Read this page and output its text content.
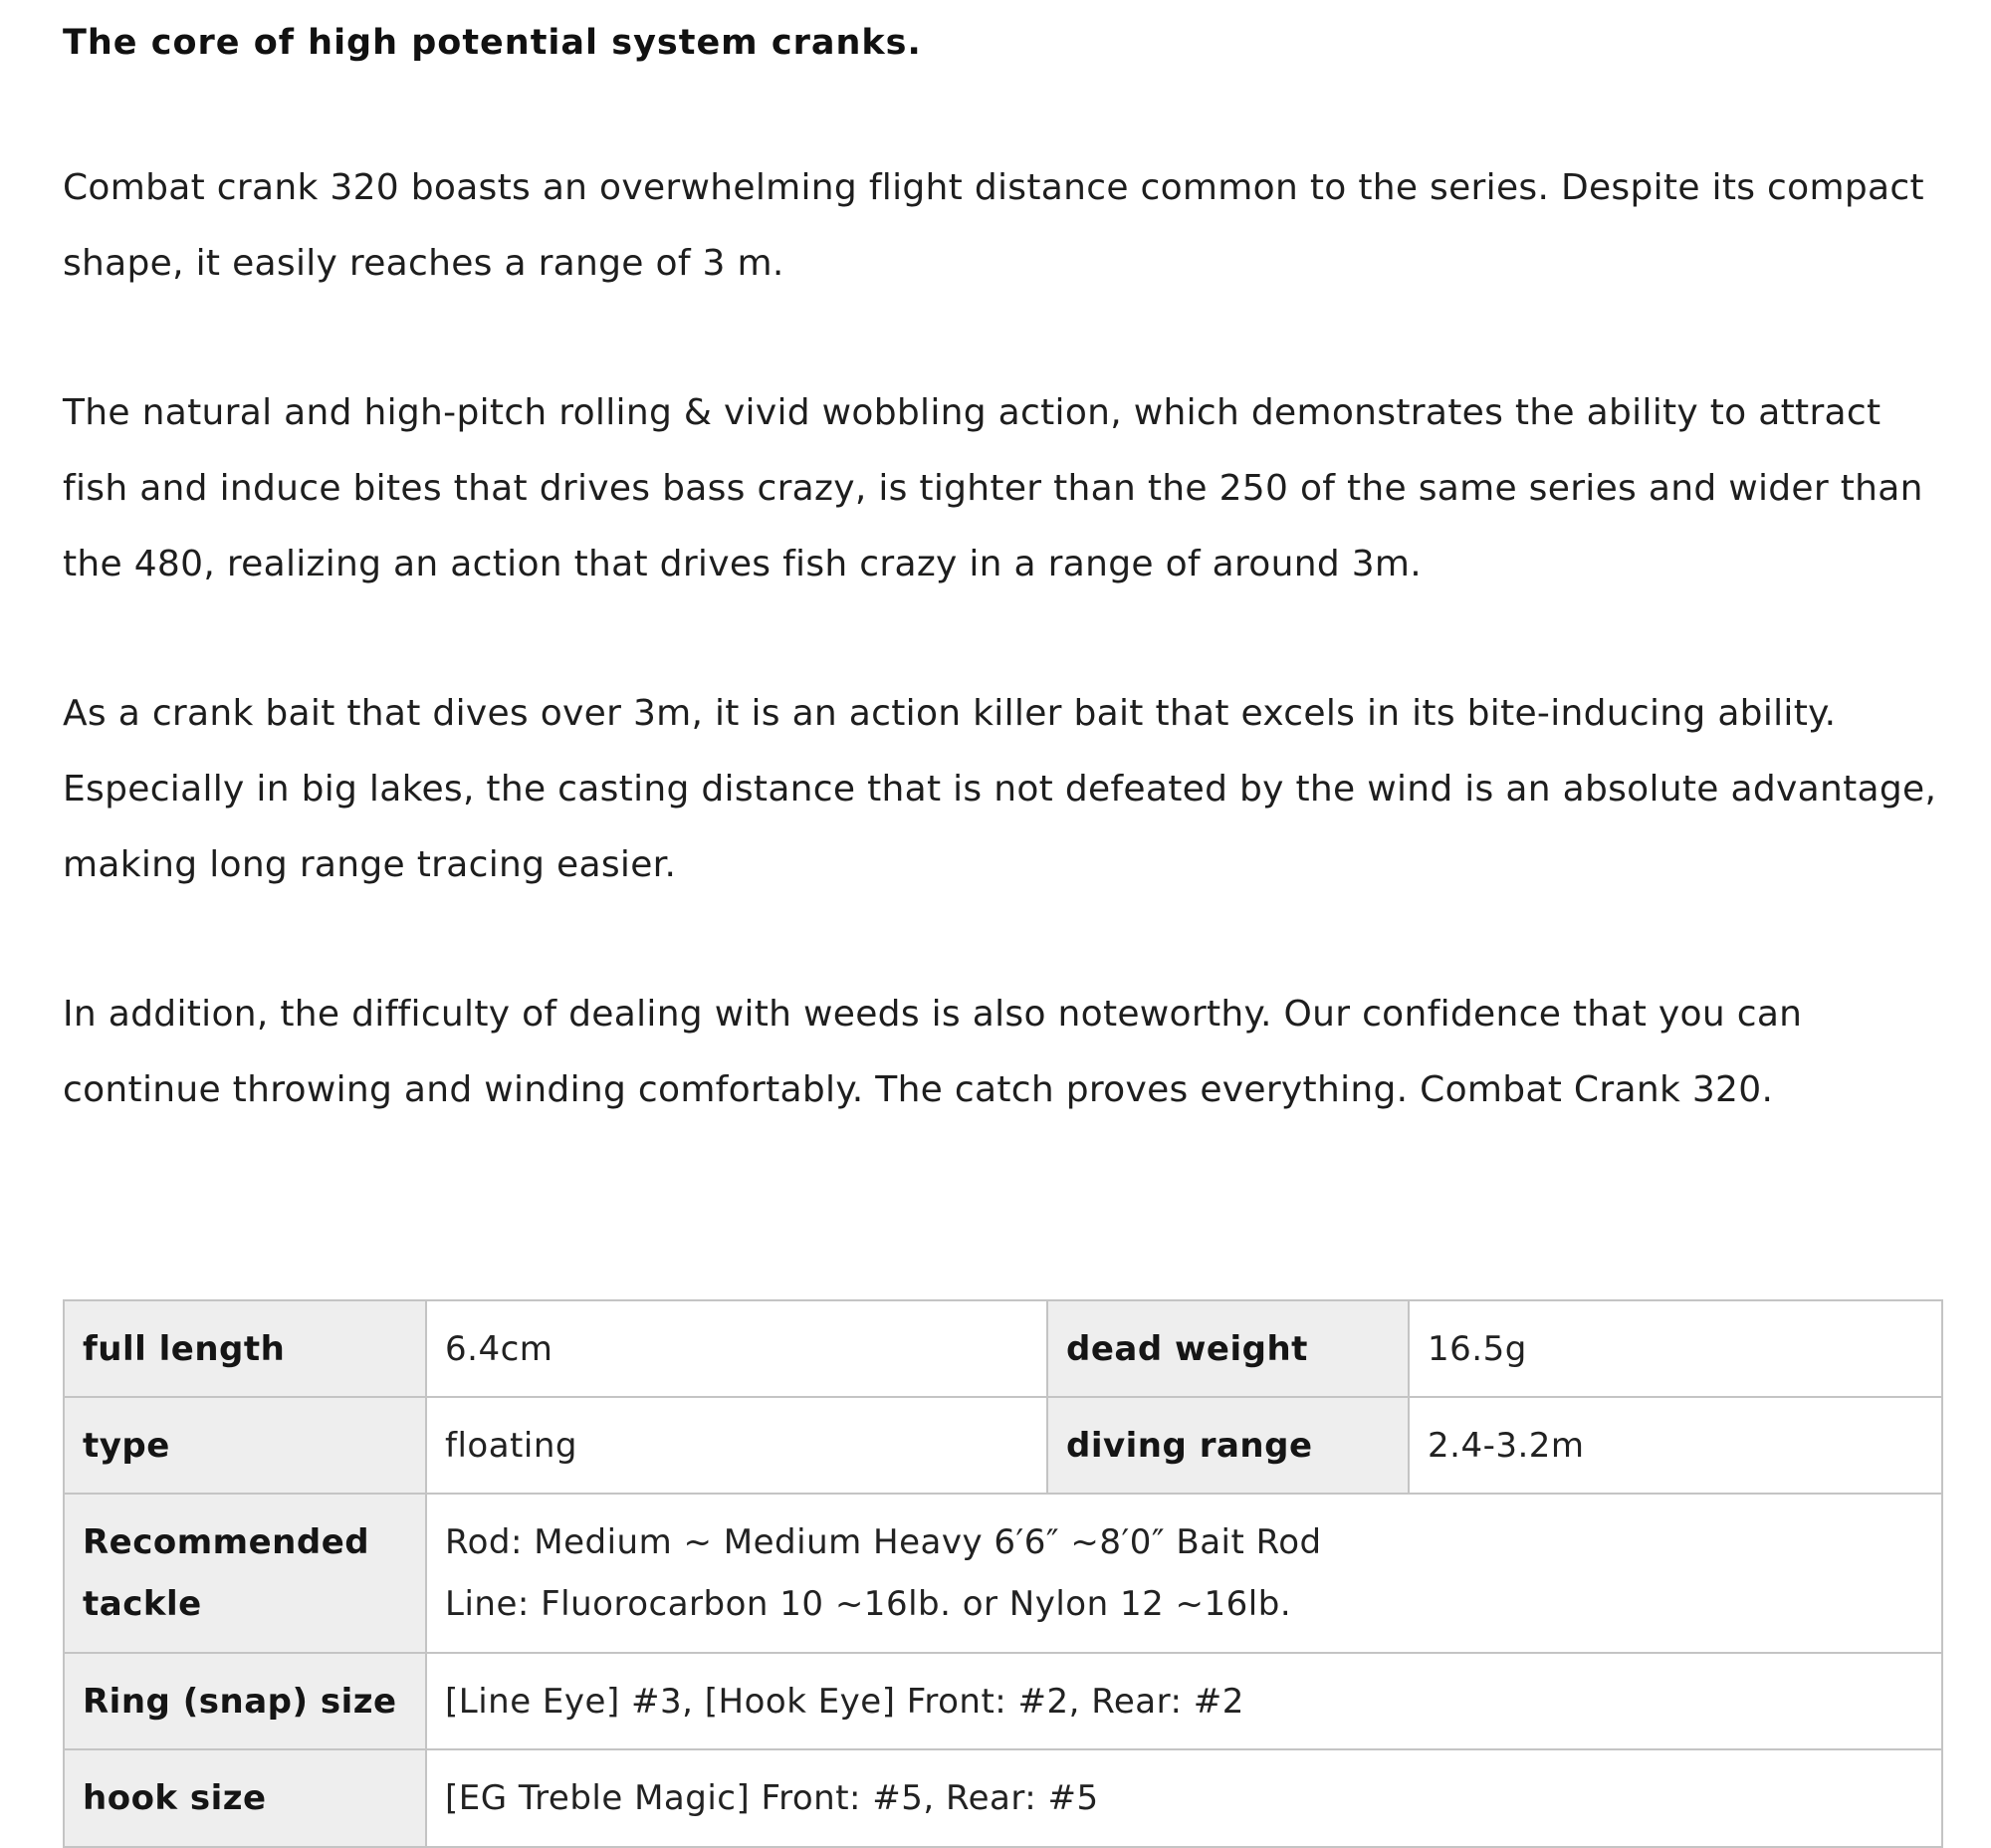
The core of high potential system cranks.

Combat crank 320 boasts an overwhelming flight distance common to the series. Despite its compact shape, it easily reaches a range of 3 m.

The natural and high-pitch rolling & vivid wobbling action, which demonstrates the ability to attract fish and induce bites that drives bass crazy, is tighter than the 250 of the same series and wider than the 480, realizing an action that drives fish crazy in a range of around 3m.

As a crank bait that dives over 3m, it is an action killer bait that excels in its bite-inducing ability. Especially in big lakes, the casting distance that is not defeated by the wind is an absolute advantage, making long range tracing easier.

In addition, the difficulty of dealing with weeds is also noteworthy. Our confidence that you can continue throwing and winding comfortably. The catch proves everything. Combat Crank 320.

full length	6.4cm	dead weight	16.5g
type	floating	diving range	2.4-3.2m

Recommended
tackle	Rod: Medium ~ Medium Heavy 6′6″ ~8′0″ Bait Rod
Line: Fluorocarbon 10 ~16lb. or Nylon 12 ~16lb.		

Ring (snap) size	[Line Eye] #3, [Hook Eye] Front: #2, Rear: #2		
hook size	[EG Treble Magic] Front: #5, Rear: #5		
